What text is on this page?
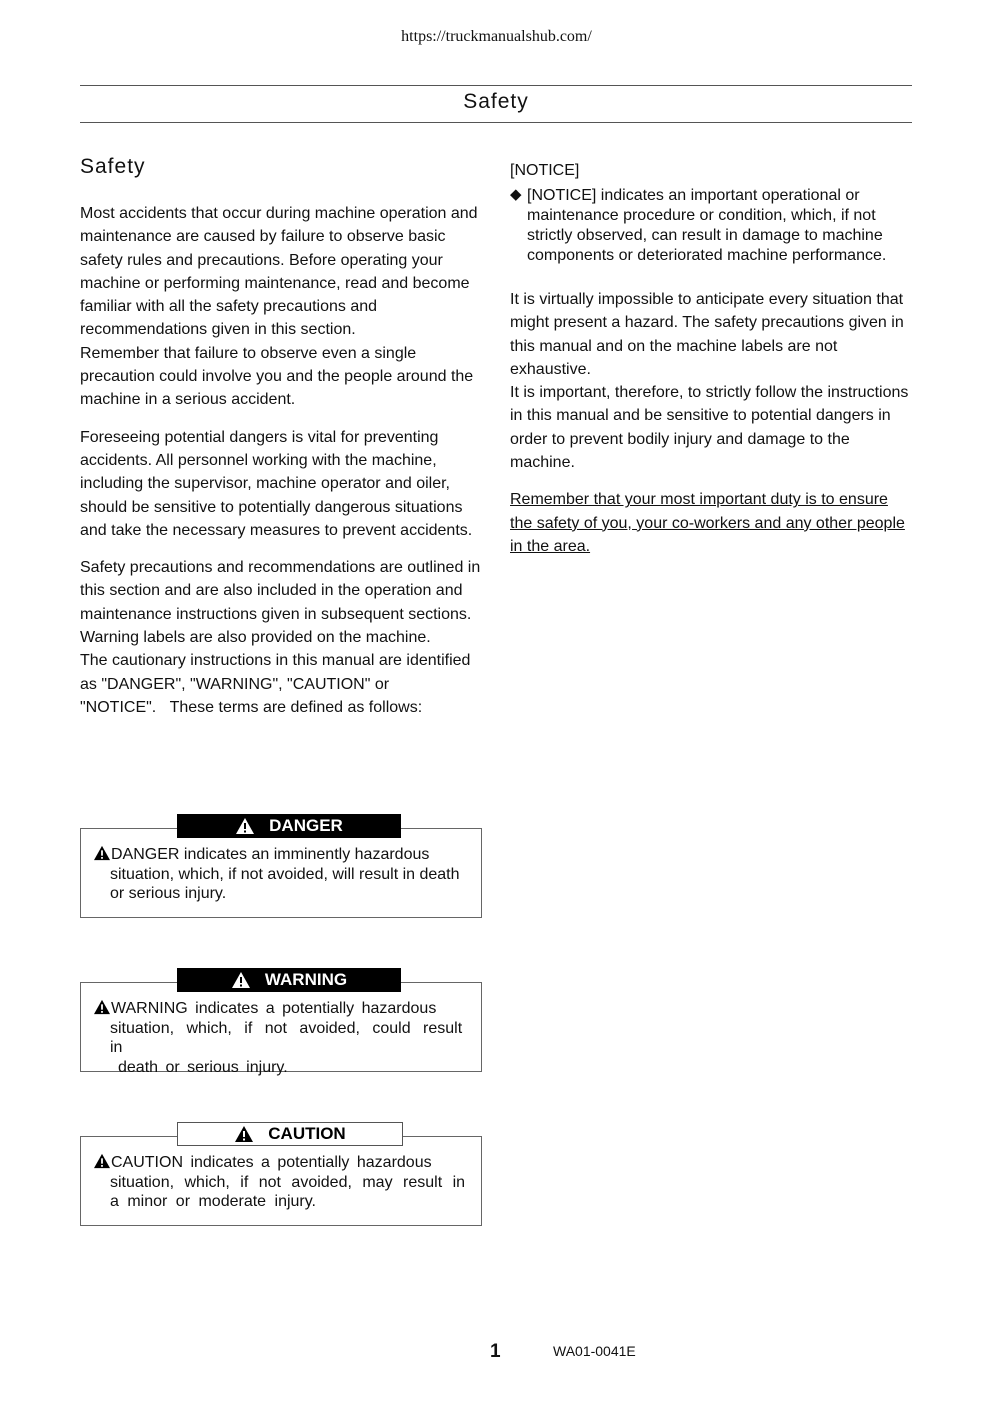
https://truckmanualshub.com/
Safety
Safety
Most accidents that occur during machine operation and maintenance are caused by failure to observe basic safety rules and precautions. Before operating your machine or performing maintenance, read and become familiar with all the safety precautions and recommendations given in this section.
Remember that failure to observe even a single precaution could involve you and the people around the machine in a serious accident.
Foreseeing potential dangers is vital for preventing accidents. All personnel working with the machine, including the supervisor, machine operator and oiler, should be sensitive to potentially dangerous situations and take the necessary measures to prevent accidents.
Safety precautions and recommendations are outlined in this section and are also included in the operation and maintenance instructions given in subsequent sections. Warning labels are also provided on the machine.
The cautionary instructions in this manual are identified as "DANGER", "WARNING", "CAUTION" or "NOTICE".   These terms are defined as follows:
DANGER
DANGER indicates an imminently hazardous
situation, which, if not avoided, will result in death
or serious injury.
WARNING
WARNING indicates a potentially hazardous
situation, which, if not avoided, could result in
death or serious injury.
CAUTION
CAUTION indicates a potentially hazardous
situation, which, if not avoided, may result in
a minor or moderate injury.
[NOTICE]
◆ [NOTICE] indicates an important operational or maintenance procedure or condition, which, if not strictly observed, can result in damage to machine components or deteriorated machine performance.
It is virtually impossible to anticipate every situation that might present a hazard. The safety precautions given in this manual and on the machine labels are not exhaustive.
It is important, therefore, to strictly follow the instructions in this manual and be sensitive to potential dangers in order to prevent bodily injury and damage to the machine.
Remember that your most important duty is to ensure the safety of you, your co-workers and any other people in the area.
1	WA01-0041E
